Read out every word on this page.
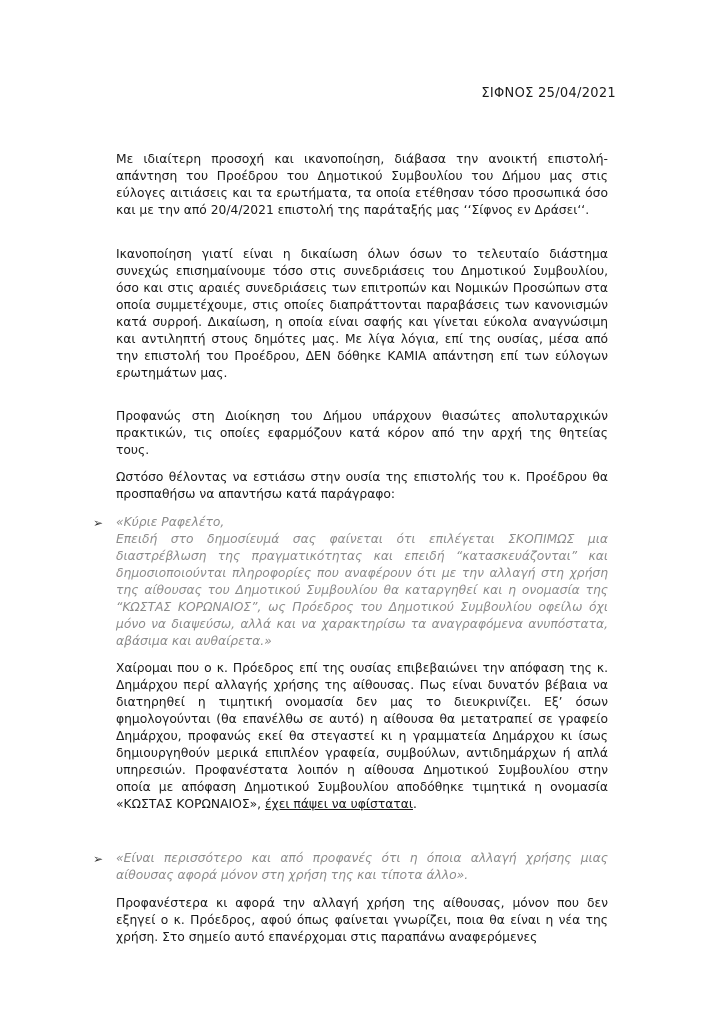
ΣΙΦΝΟΣ 25/04/2021

Με ιδιαίτερη προσοχή και ικανοποίηση, διάβασα την ανοικτή επιστολή-απάντηση του Προέδρου του Δημοτικού Συμβουλίου του Δήμου μας στις εύλογες αιτιάσεις και τα ερωτήματα, τα οποία ετέθησαν τόσο προσωπικά όσο και με την από 20/4/2021 επιστολή της παράταξής μας ‘‘Σίφνος εν Δράσει‘‘.

Ικανοποίηση γιατί είναι η δικαίωση όλων όσων το τελευταίο διάστημα συνεχώς επισημαίνουμε τόσο στις συνεδριάσεις του Δημοτικού Συμβουλίου, όσο και στις αραιές συνεδριάσεις των επιτροπών και Νομικών Προσώπων στα οποία συμμετέχουμε, στις οποίες διαπράττονται παραβάσεις των κανονισμών κατά συρροή. Δικαίωση, η οποία είναι σαφής και γίνεται εύκολα αναγνώσιμη και αντιληπτή στους δημότες μας. Με λίγα λόγια, επί της ουσίας, μέσα από την επιστολή του Προέδρου, ΔΕΝ δόθηκε ΚΑΜΙΑ απάντηση επί των εύλογων ερωτημάτων μας.

Προφανώς στη Διοίκηση του Δήμου υπάρχουν θιασώτες απολυταρχικών πρακτικών, τις οποίες εφαρμόζουν κατά κόρον από την αρχή της θητείας τους.

Ωστόσο θέλοντας να εστιάσω στην ουσία της επιστολής του κ. Προέδρου θα προσπαθήσω να απαντήσω κατά παράγραφο:

➢	«Κύριε Ραφελέτο,
Επειδή στο δημοσίευμά σας φαίνεται ότι επιλέγεται ΣΚΟΠΙΜΩΣ μια διαστρέβλωση της πραγματικότητας και επειδή “κατασκευάζονται” και δημοσιοποιούνται πληροφορίες που αναφέρουν ότι με την αλλαγή στη χρήση της αίθουσας του Δημοτικού Συμβουλίου θα καταργηθεί και η ονομασία της “ΚΩΣΤΑΣ ΚΟΡΩΝΑΙΟΣ”, ως Πρόεδρος του Δημοτικού Συμβουλίου οφείλω όχι μόνο να διαψεύσω, αλλά και να χαρακτηρίσω τα αναγραφόμενα ανυπόστατα, αβάσιμα και αυθαίρετα.»

Χαίρομαι που ο κ. Πρόεδρος επί της ουσίας επιβεβαιώνει την απόφαση της κ. Δημάρχου περί αλλαγής χρήσης της αίθουσας. Πως είναι δυνατόν βέβαια να διατηρηθεί η τιμητική ονομασία δεν μας το διευκρινίζει. Εξ’ όσων φημολογούνται (θα επανέλθω σε αυτό) η αίθουσα θα μετατραπεί σε γραφείο Δημάρχου, προφανώς εκεί θα στεγαστεί κι η γραμματεία Δημάρχου κι ίσως δημιουργηθούν μερικά επιπλέον γραφεία, συμβούλων, αντιδημάρχων ή απλά υπηρεσιών. Προφανέστατα λοιπόν η αίθουσα Δημοτικού Συμβουλίου στην οποία με απόφαση Δημοτικού Συμβουλίου αποδόθηκε τιμητικά η ονομασία «ΚΩΣΤΑΣ ΚΟΡΩΝΑΙΟΣ», έχει πάψει να υφίσταται.

➢	«Είναι περισσότερο και από προφανές ότι η όποια αλλαγή χρήσης μιας αίθουσας αφορά μόνον στη χρήση της και τίποτα άλλο».

Προφανέστερα κι αφορά την αλλαγή χρήση της αίθουσας, μόνον που δεν εξηγεί ο κ. Πρόεδρος, αφού όπως φαίνεται γνωρίζει, ποια θα είναι η νέα της χρήση. Στο σημείο αυτό επανέρχομαι στις παραπάνω αναφερόμενες
